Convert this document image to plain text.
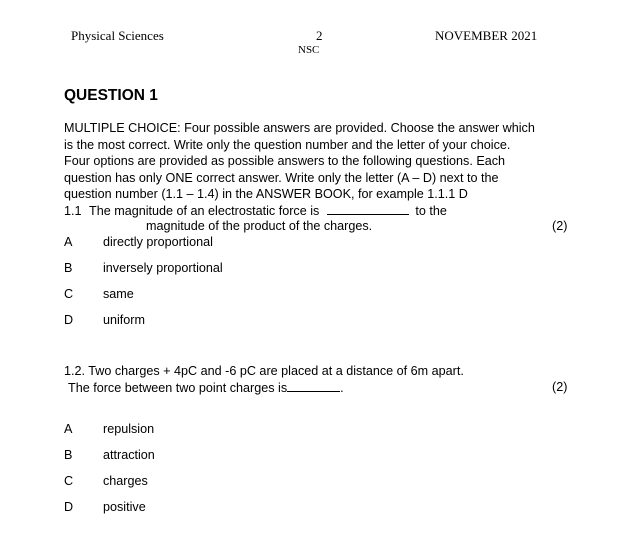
Physical Sciences	2	NOVEMBER 2021
NSC
QUESTION 1
MULTIPLE CHOICE: Four possible answers are provided. Choose the answer which
is the most correct. Write only the question number and the letter of your choice.
Four options are provided as possible answers to the following questions. Each
question has only ONE correct answer. Write only the letter (A – D) next to the
question number (1.1 – 1.4) in the ANSWER BOOK, for example 1.1.1 D
1.1 The magnitude of an electrostatic force is	to the
magnitude of the product of the charges.	(2)
A directly proportional
B inversely proportional
C same
D uniform
1.2. Two charges + 4pC and -6 pC are placed at a distance of 6m apart.
The force between two point charges is	.	(2)
A repulsion
B attraction
C charges
D positive
